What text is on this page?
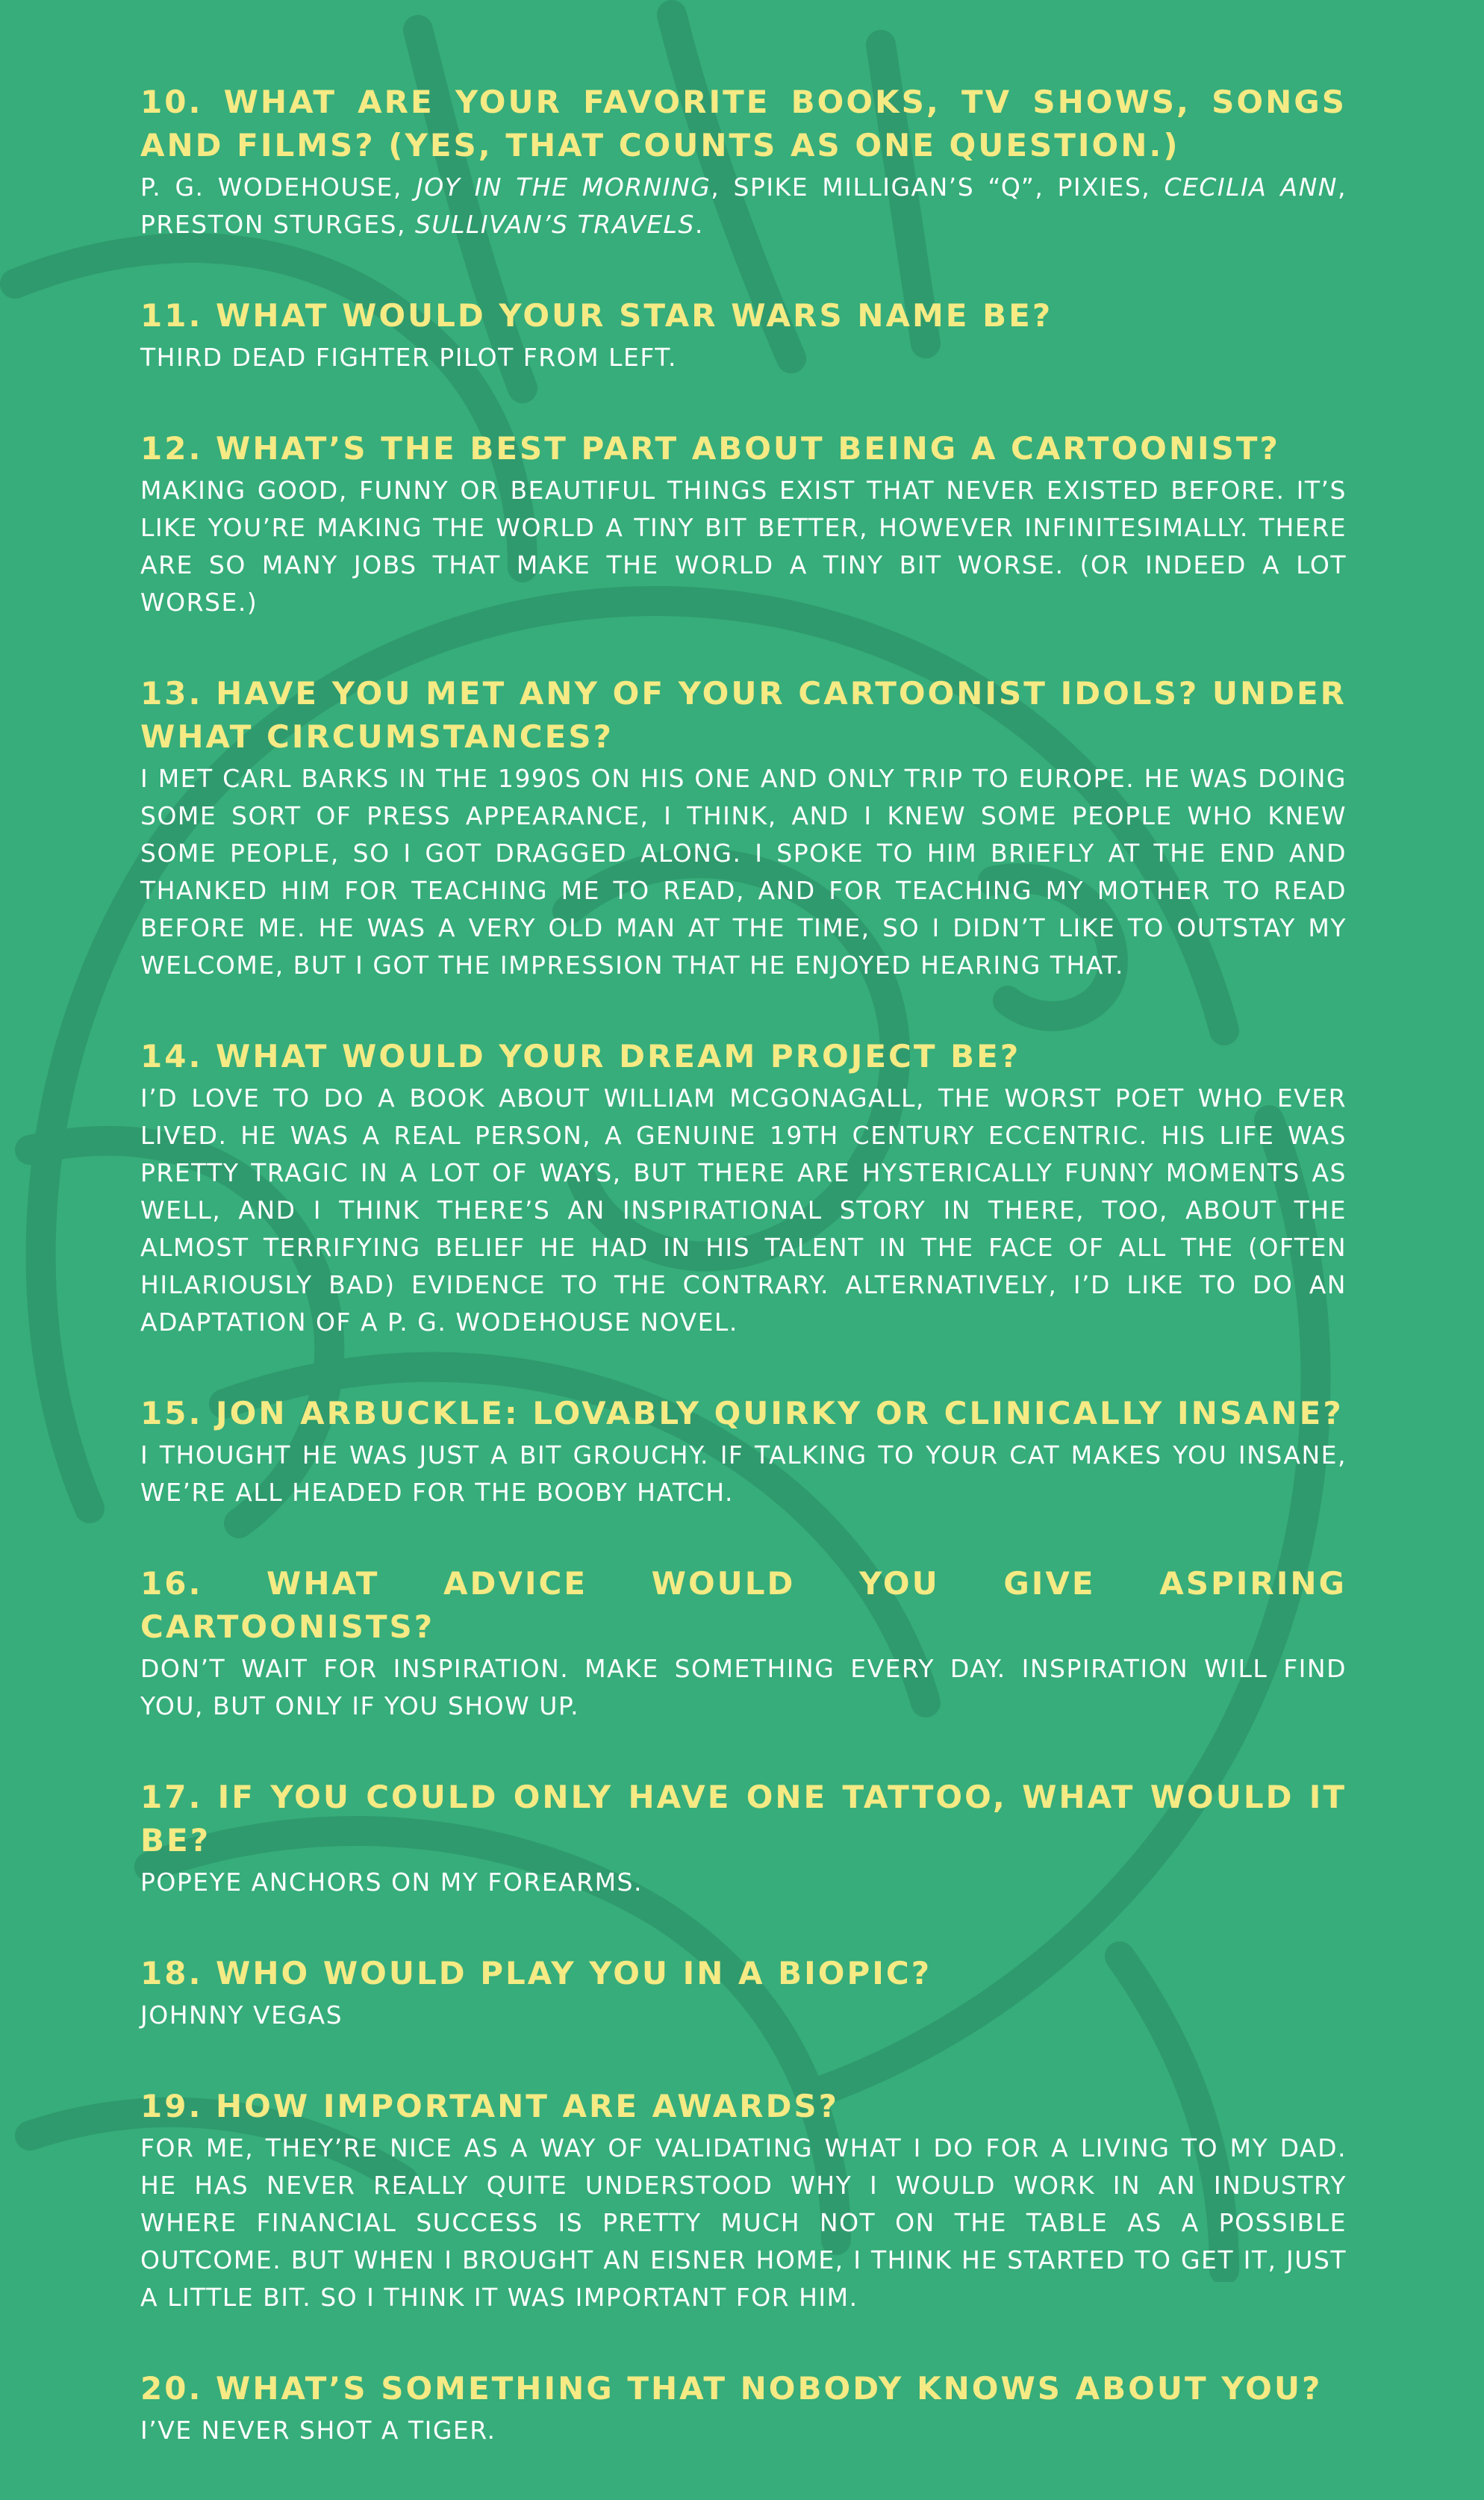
10. WHAT ARE YOUR FAVORITE BOOKS, TV SHOWS, SONGS AND FILMS? (YES, THAT COUNTS AS ONE QUESTION.)

P. G. WODEHOUSE, JOY IN THE MORNING, SPIKE MILLIGAN’S “Q”, PIXIES, CECILIA ANN, PRESTON STURGES, SULLIVAN’S TRAVELS.

11. WHAT WOULD YOUR STAR WARS NAME BE?

THIRD DEAD FIGHTER PILOT FROM LEFT.

12. WHAT’S THE BEST PART ABOUT BEING A CARTOONIST?

MAKING GOOD, FUNNY OR BEAUTIFUL THINGS EXIST THAT NEVER EXISTED BEFORE. IT’S LIKE YOU’RE MAKING THE WORLD A TINY BIT BETTER, HOWEVER INFINITESIMALLY. THERE ARE SO MANY JOBS THAT MAKE THE WORLD A TINY BIT WORSE. (OR INDEED A LOT WORSE.)

13. HAVE YOU MET ANY OF YOUR CARTOONIST IDOLS? UNDER WHAT CIRCUMSTANCES?

I MET CARL BARKS IN THE 1990S ON HIS ONE AND ONLY TRIP TO EUROPE. HE WAS DOING SOME SORT OF PRESS APPEARANCE, I THINK, AND I KNEW SOME PEOPLE WHO KNEW SOME PEOPLE, SO I GOT DRAGGED ALONG. I SPOKE TO HIM BRIEFLY AT THE END AND THANKED HIM FOR TEACHING ME TO READ, AND FOR TEACHING MY MOTHER TO READ BEFORE ME. HE WAS A VERY OLD MAN AT THE TIME, SO I DIDN’T LIKE TO OUTSTAY MY WELCOME, BUT I GOT THE IMPRESSION THAT HE ENJOYED HEARING THAT.

14. WHAT WOULD YOUR DREAM PROJECT BE?

I’D LOVE TO DO A BOOK ABOUT WILLIAM MCGONAGALL, THE WORST POET WHO EVER LIVED. HE WAS A REAL PERSON, A GENUINE 19TH CENTURY ECCENTRIC. HIS LIFE WAS PRETTY TRAGIC IN A LOT OF WAYS, BUT THERE ARE HYSTERICALLY FUNNY MOMENTS AS WELL, AND I THINK THERE’S AN INSPIRATIONAL STORY IN THERE, TOO, ABOUT THE ALMOST TERRIFYING BELIEF HE HAD IN HIS TALENT IN THE FACE OF ALL THE (OFTEN HILARIOUSLY BAD) EVIDENCE TO THE CONTRARY. ALTERNATIVELY, I’D LIKE TO DO AN ADAPTATION OF A P. G. WODEHOUSE NOVEL.

15. JON ARBUCKLE: LOVABLY QUIRKY OR CLINICALLY INSANE?

I THOUGHT HE WAS JUST A BIT GROUCHY. IF TALKING TO YOUR CAT MAKES YOU INSANE, WE’RE ALL HEADED FOR THE BOOBY HATCH.

16. WHAT ADVICE WOULD YOU GIVE ASPIRING CARTOONISTS?

DON’T WAIT FOR INSPIRATION. MAKE SOMETHING EVERY DAY. INSPIRATION WILL FIND YOU, BUT ONLY IF YOU SHOW UP.

17. IF YOU COULD ONLY HAVE ONE TATTOO, WHAT WOULD IT BE?

POPEYE ANCHORS ON MY FOREARMS.

18. WHO WOULD PLAY YOU IN A BIOPIC?

JOHNNY VEGAS

19. HOW IMPORTANT ARE AWARDS?

FOR ME, THEY’RE NICE AS A WAY OF VALIDATING WHAT I DO FOR A LIVING TO MY DAD. HE HAS NEVER REALLY QUITE UNDERSTOOD WHY I WOULD WORK IN AN INDUSTRY WHERE FINANCIAL SUCCESS IS PRETTY MUCH NOT ON THE TABLE AS A POSSIBLE OUTCOME. BUT WHEN I BROUGHT AN EISNER HOME, I THINK HE STARTED TO GET IT, JUST A LITTLE BIT. SO I THINK IT WAS IMPORTANT FOR HIM.

20. WHAT’S SOMETHING THAT NOBODY KNOWS ABOUT YOU?

I’VE NEVER SHOT A TIGER.
